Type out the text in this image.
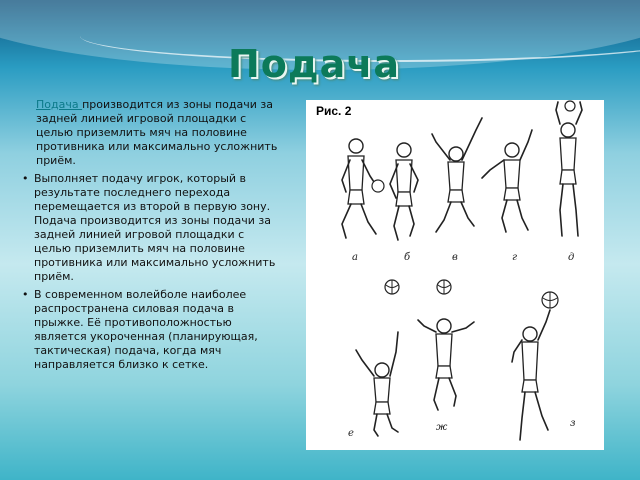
Подача

Подача производится из зоны подачи за задней линией игровой площадки с целью приземлить мяч на половине противника или максимально усложнить приём.

• Выполняет подачу игрок, который в результате последнего перехода перемещается из второй в первую зону. Подача производится из зоны подачи за задней линией игровой площадки с целью приземлить мяч на половине противника или максимально усложнить приём.
• В современном волейболе наиболее распространена силовая подача в прыжке. Её противоположностью является укороченная (планирующая, тактическая) подача, когда мяч направляется близко к сетке.
Рис. 2
а	б	в	г	д
е
ж	з
